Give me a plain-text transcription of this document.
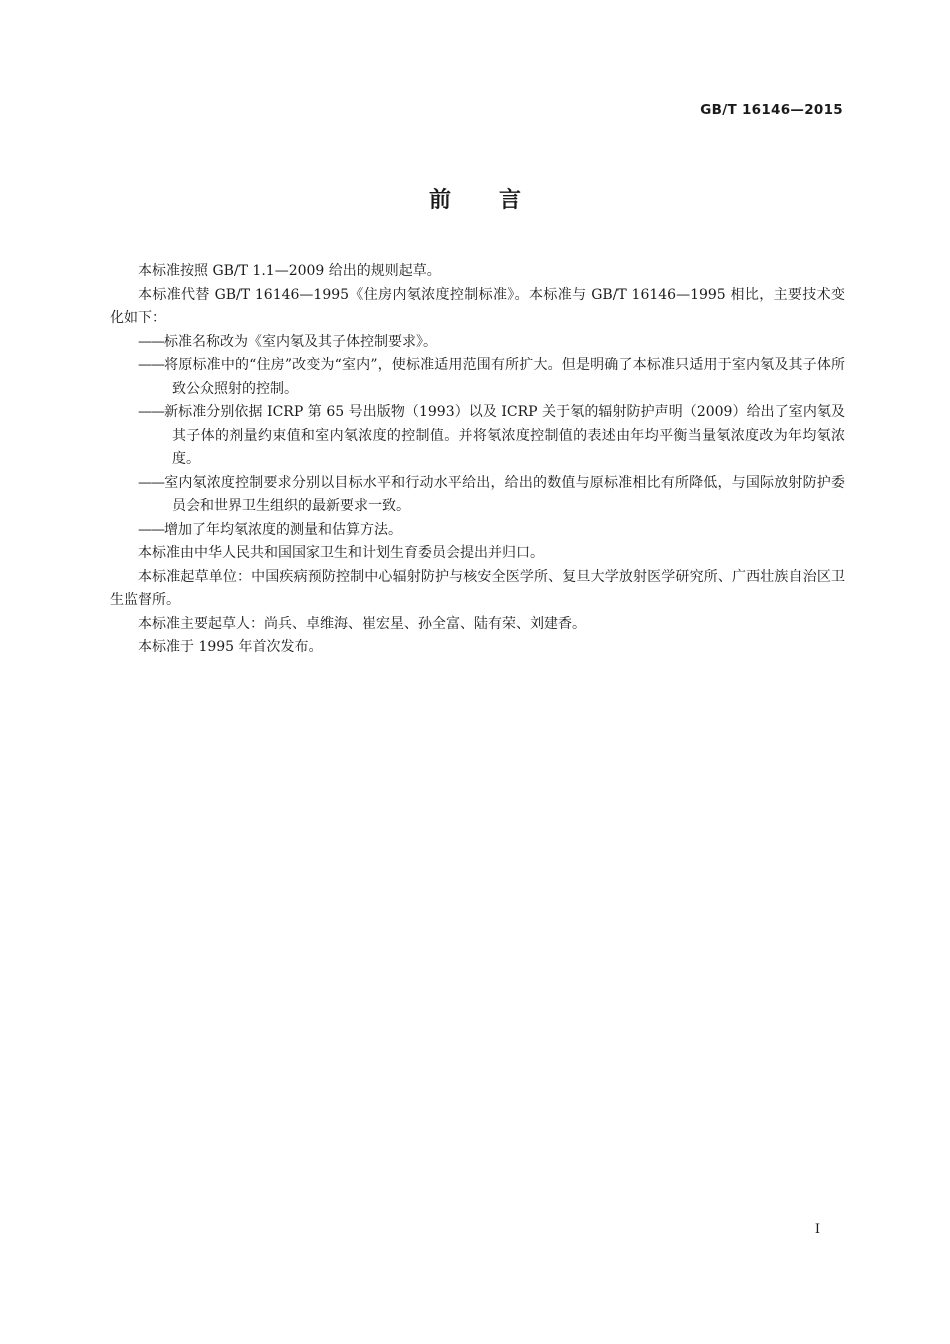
GB/T 16146—2015
前言

本标准按照 GB/T 1.1—2009 给出的规则起草。

本标准代替 GB/T 16146—1995《住房内氡浓度控制标准》。本标准与 GB/T 16146—1995 相比，主要技术变化如下：

——标准名称改为《室内氡及其子体控制要求》。

——将原标准中的“住房”改变为“室内”，使标准适用范围有所扩大。但是明确了本标准只适用于室内氡及其子体所致公众照射的控制。

——新标准分别依据 ICRP 第 65 号出版物（1993）以及 ICRP 关于氡的辐射防护声明（2009）给出了室内氡及其子体的剂量约束值和室内氡浓度的控制值。并将氡浓度控制值的表述由年均平衡当量氡浓度改为年均氡浓度。

——室内氡浓度控制要求分别以目标水平和行动水平给出，给出的数值与原标准相比有所降低，与国际放射防护委员会和世界卫生组织的最新要求一致。

——增加了年均氡浓度的测量和估算方法。

本标准由中华人民共和国国家卫生和计划生育委员会提出并归口。

本标准起草单位：中国疾病预防控制中心辐射防护与核安全医学所、复旦大学放射医学研究所、广西壮族自治区卫生监督所。

本标准主要起草人：尚兵、卓维海、崔宏星、孙全富、陆有荣、刘建香。

本标准于 1995 年首次发布。

I
